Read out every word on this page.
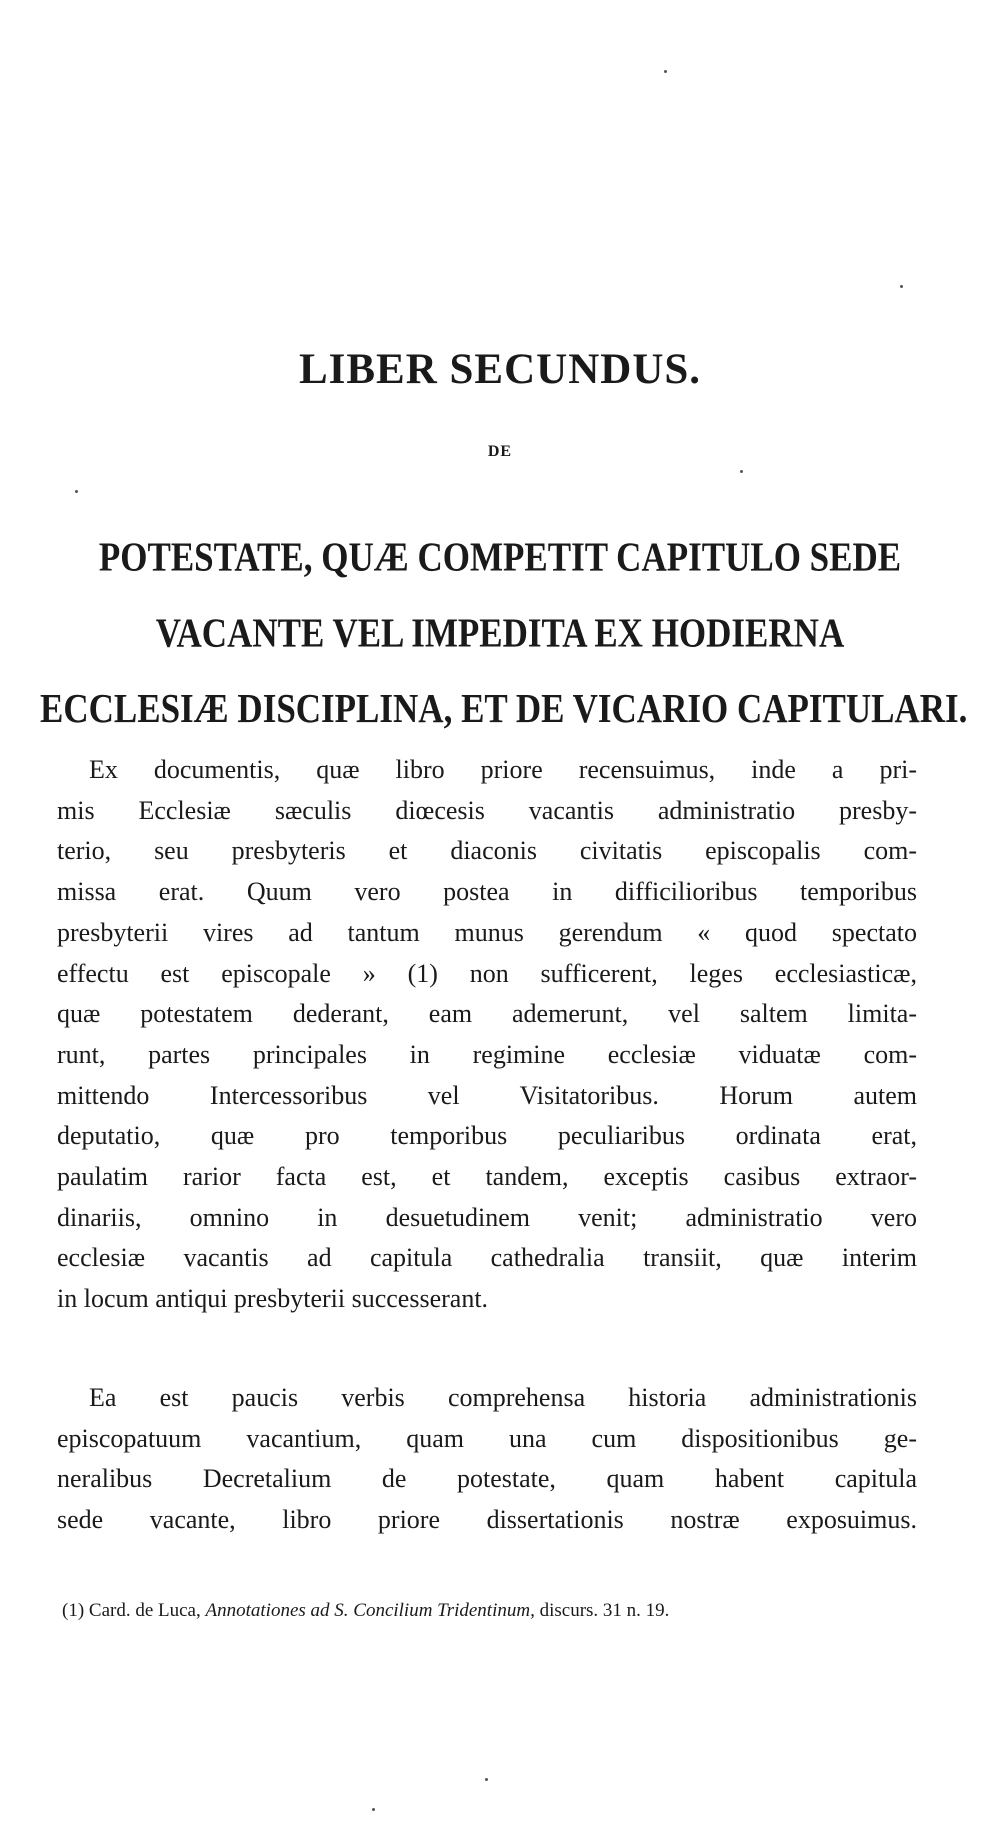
LIBER SECUNDUS.
DE
POTESTATE, QUÆ COMPETIT CAPITULO SEDE
VACANTE VEL IMPEDITA EX HODIERNA
ECCLESIÆ DISCIPLINA, ET DE VICARIO CAPITULARI.

Ex documentis, quæ libro priore recensuimus, inde a pri-
mis Ecclesiæ sæculis diœcesis vacantis administratio presby-
terio, seu presbyteris et diaconis civitatis episcopalis com-
missa erat. Quum vero postea in difficilioribus temporibus
presbyterii vires ad tantum munus gerendum « quod spectato
effectu est episcopale » (1) non sufficerent, leges ecclesiasticæ,
quæ potestatem dederant, eam ademerunt, vel saltem limita-
runt, partes principales in regimine ecclesiæ viduatæ com-
mittendo Intercessoribus vel Visitatoribus. Horum autem
deputatio, quæ pro temporibus peculiaribus ordinata erat,
paulatim rarior facta est, et tandem, exceptis casibus extraor-
dinariis, omnino in desuetudinem venit; administratio vero
ecclesiæ vacantis ad capitula cathedralia transiit, quæ interim
in locum antiqui presbyterii successerant.

Ea est paucis verbis comprehensa historia administrationis
episcopatuum vacantium, quam una cum dispositionibus ge-
neralibus Decretalium de potestate, quam habent capitula
sede vacante, libro priore dissertationis nostræ exposuimus.

(1) Card. de Luca, Annotationes ad S. Concilium Tridentinum, discurs. 31 n. 19.
